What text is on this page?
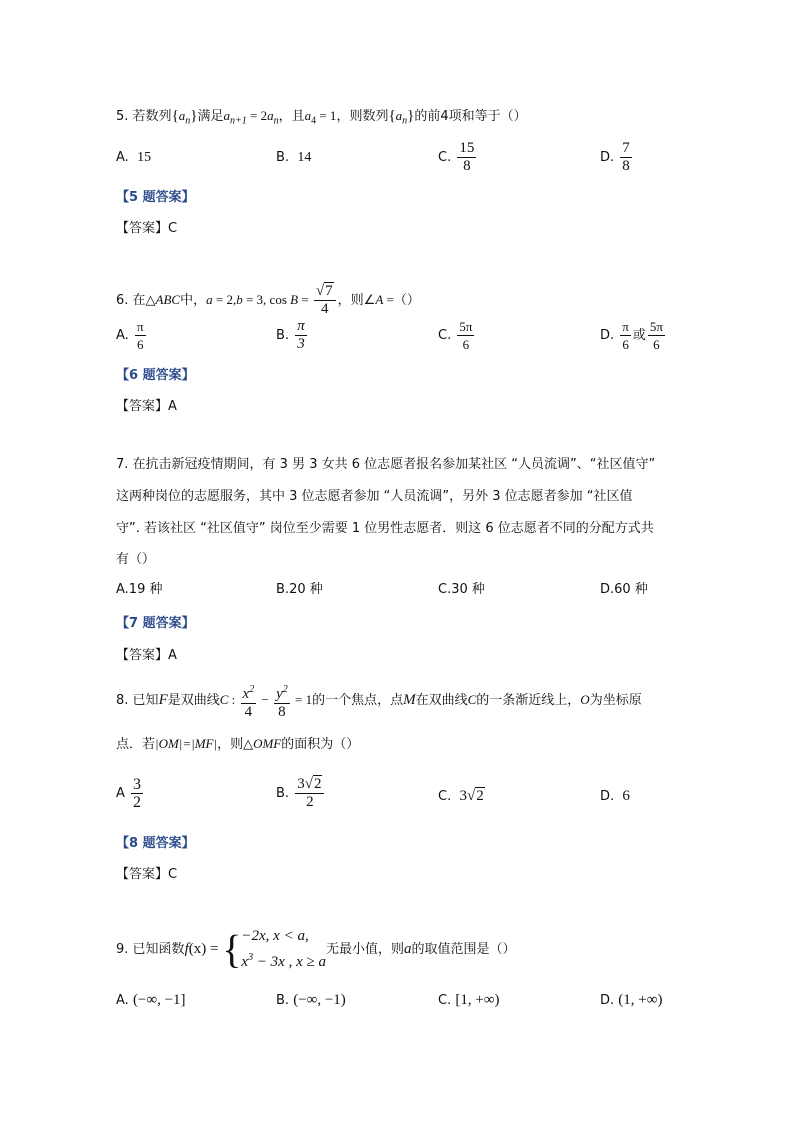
5. 若数列$\{a_n\}$满足$a_{n+1} = 2a_n$，且$a_4 = 1$，则数列$\{a_n\}$的前4项和等于（）
A. 15	B. 14	C. $\frac{15}{8}$	D. $\frac{7}{8}$
【5 题答案】
【答案】C
6. 在△ABC中，a = 2,b = 3, $\cos B = \frac{√7}{4}$ ，则∠A =（）
A. $\frac{\pi}{6}$	B. $\frac{\pi}{3}$	C. $\frac{5\pi}{6}$	D. $\frac{\pi}{6}$ 或 $\frac{5\pi}{6}$
【6 题答案】
【答案】A
7. 在抗击新冠疫情期间，有 3 男 3 女共 6 位志愿者报名参加某社区 “人员流调”、“社区值守”
这两种岗位的志愿服务，其中 3 位志愿者参加 “人员流调”，另外 3 位志愿者参加 “社区值
守”. 若该社区 “社区值守” 岗位至少需要 1 位男性志愿者．则这 6 位志愿者不同的分配方式共
有（）
A.19 种	B.20 种	C.30 种	D.60 种
【7 题答案】
【答案】A
8. 已知F是双曲线C : $\frac{x^2}{4} - \frac{y^2}{8} = 1$的一个焦点，点M在双曲线C的一条渐近线上，O为坐标原
点．若|OM|=|MF|，则△OMF的面积为（）
A $\frac{3}{2}$	B. $\frac{3√2}{2}$	C. 3√2	D. 6
【8 题答案】
【答案】C
9. 已知函数f(x) = { −2x, x < a,
$x^3 - 3x$ , x ≥ a
无最小值，则a的取值范围是（）
A. (−∞, −1]	B. (−∞, −1)	C. [1, +∞)	D. (1, +∞)
